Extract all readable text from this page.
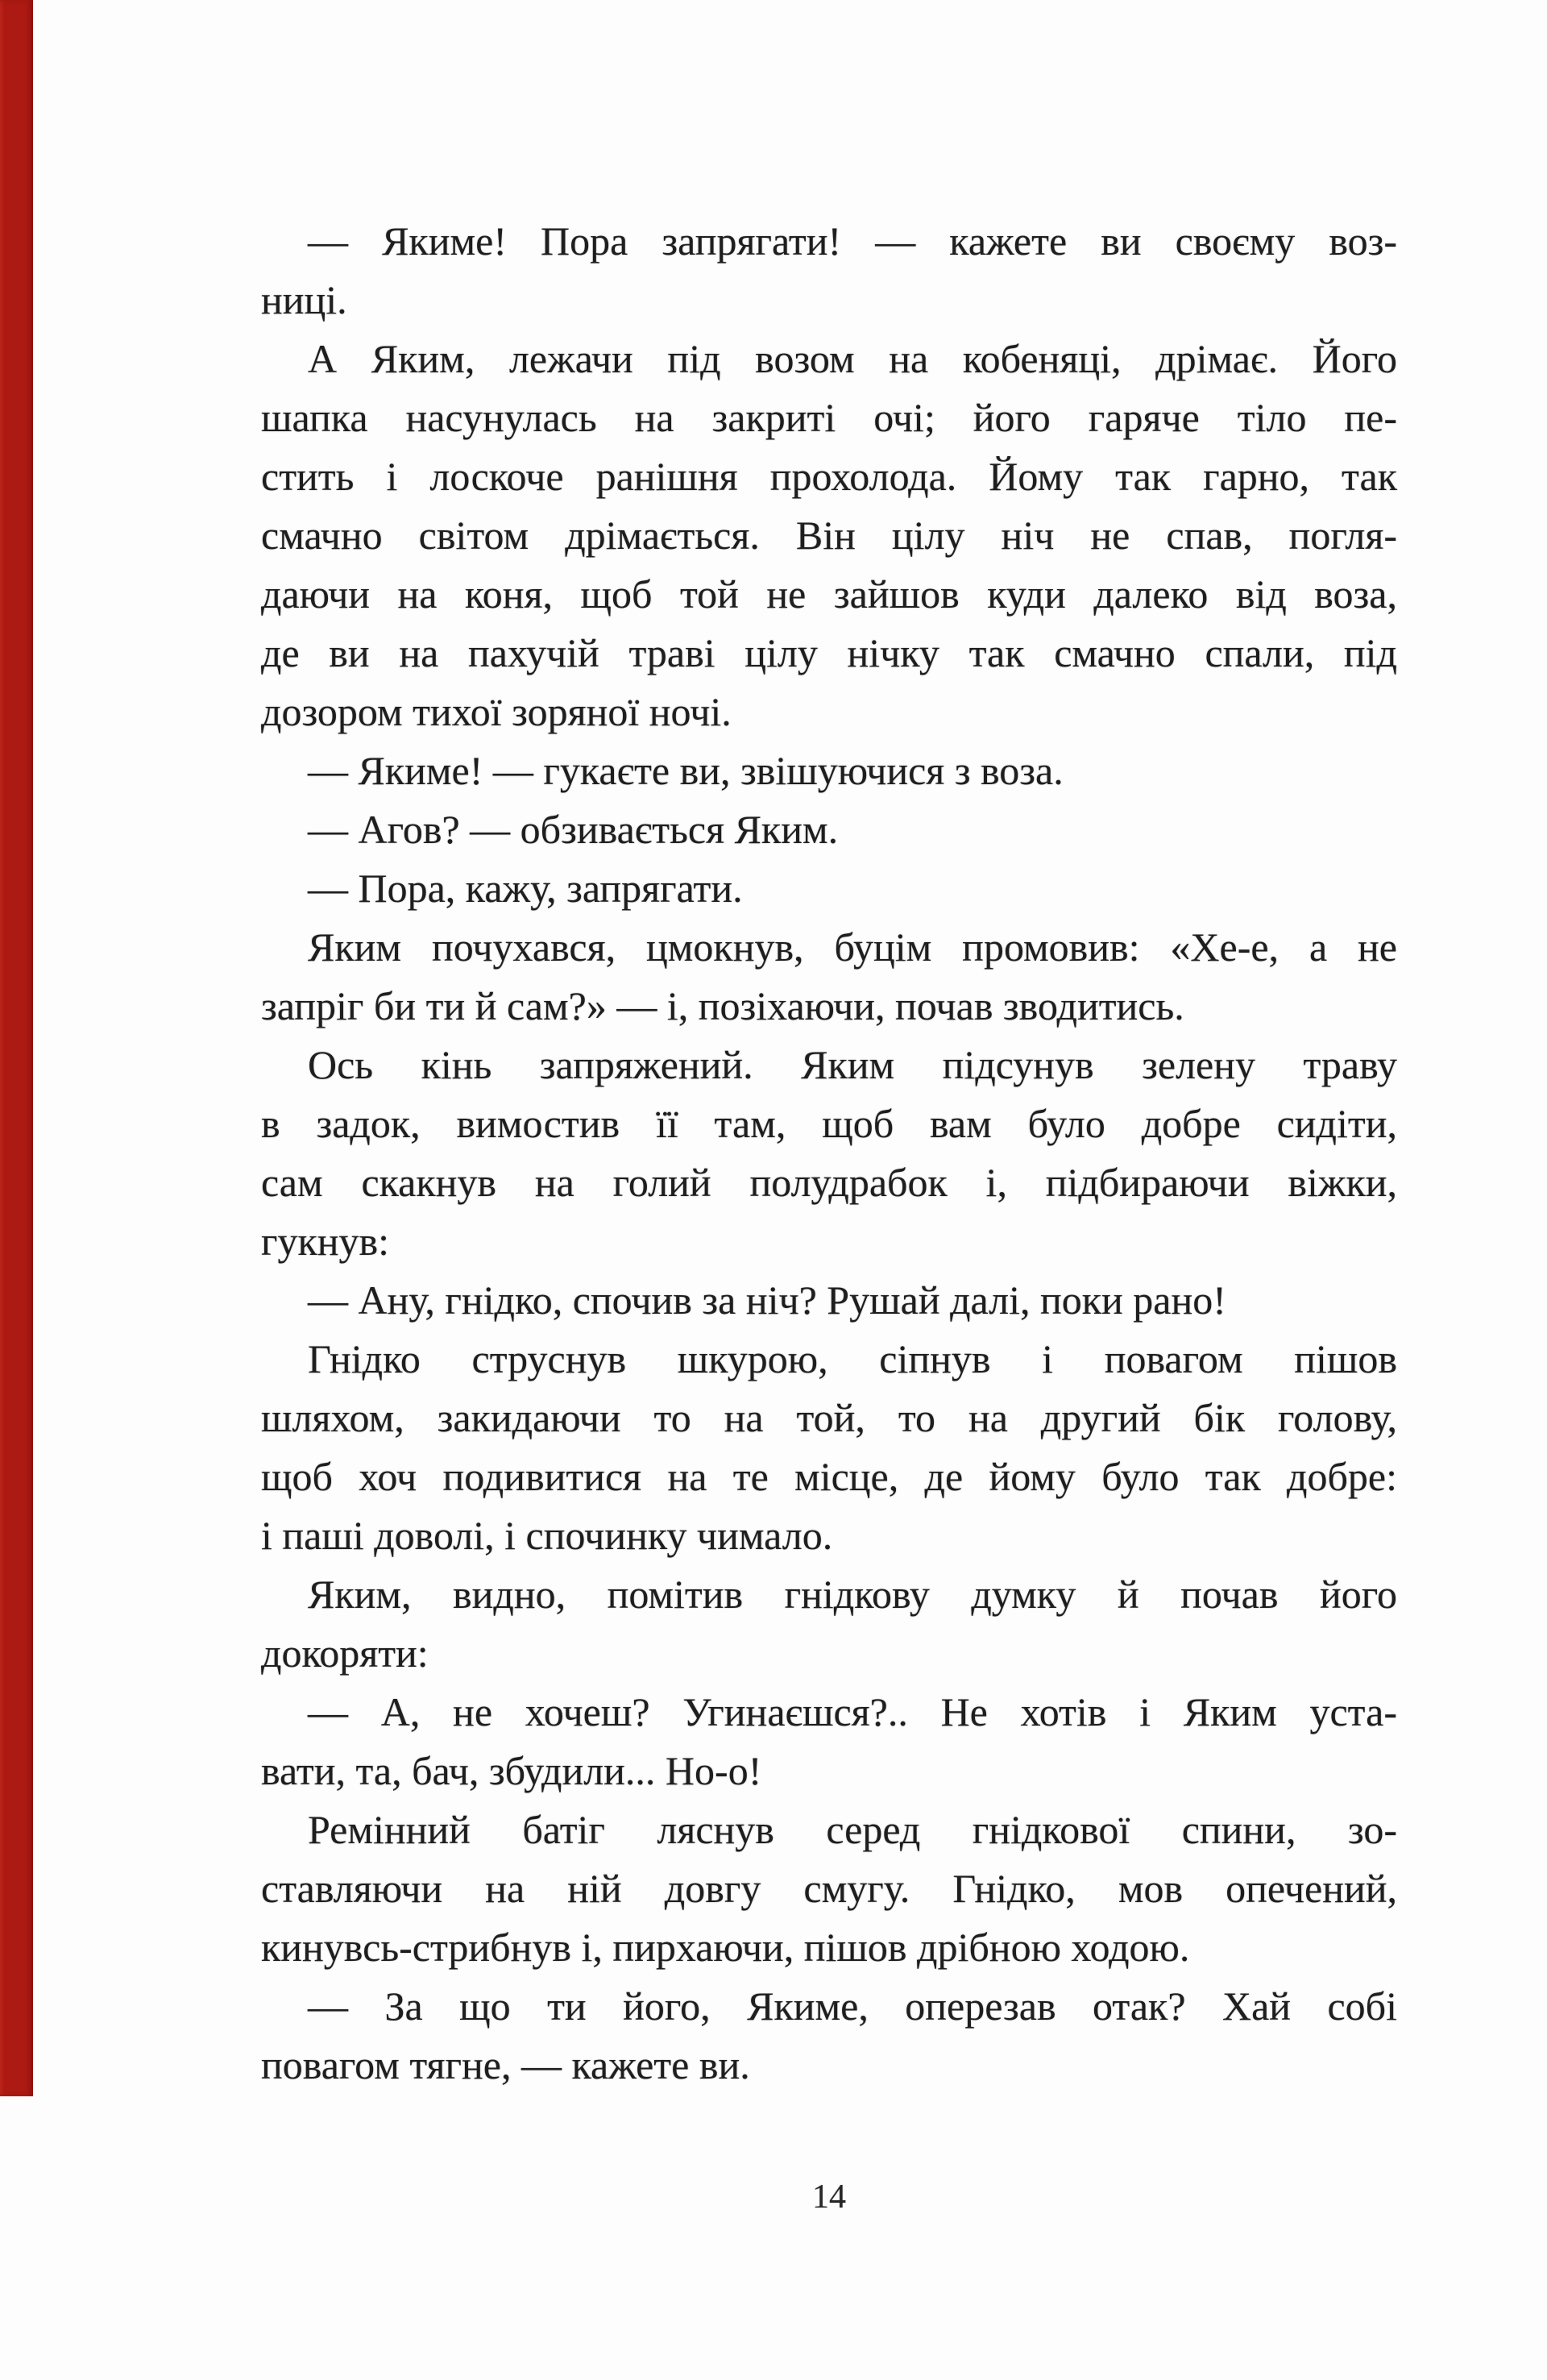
— Якиме! Пора запрягати! — кажете ви своєму воз-
ниці.
А Яким, лежачи під возом на кобеняці, дрімає. Його
шапка насунулась на закриті очі; його гаряче тіло пе-
стить і лоскоче ранішня прохолода. Йому так гарно, так
смачно світом дрімається. Він цілу ніч не спав, погля-
даючи на коня, щоб той не зайшов куди далеко від воза,
де ви на пахучій траві цілу нічку так смачно спали, під
дозором тихої зоряної ночі.
— Якиме! — гукаєте ви, звішуючися з воза.
— Агов? — обзивається Яким.
— Пора, кажу, запрягати.
Яким почухався, цмокнув, буцім промовив: «Хе-е, а не
запріг би ти й сам?» — і, позіхаючи, почав зводитись.
Ось кінь запряжений. Яким підсунув зелену траву
в задок, вимостив її там, щоб вам було добре сидіти,
сам скакнув на голий полудрабок і, підбираючи віжки,
гукнув:
— Ану, гнідко, спочив за ніч? Рушай далі, поки рано!
Гнідко струснув шкурою, сіпнув і повагом пішов
шляхом, закидаючи то на той, то на другий бік голову,
щоб хоч подивитися на те місце, де йому було так добре:
і паші доволі, і спочинку чимало.
Яким, видно, помітив гнідкову думку й почав його
докоряти:
— А, не хочеш? Угинаєшся?.. Не хотів і Яким уста-
вати, та, бач, збудили... Но-о!
Ремінний батіг ляснув серед гнідкової спини, зо-
ставляючи на ній довгу смугу. Гнідко, мов опечений,
кинувсь-стрибнув і, пирхаючи, пішов дрібною ходою.
— За що ти його, Якиме, оперезав отак? Хай собі
повагом тягне, — кажете ви.
14
